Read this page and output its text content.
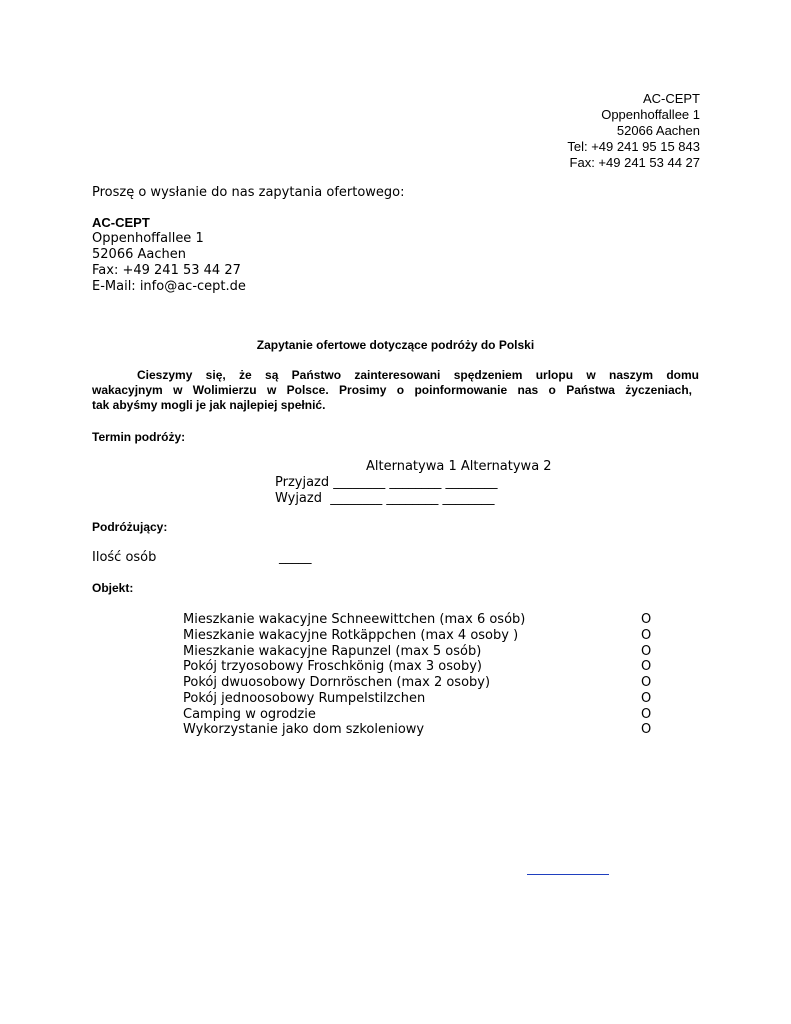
AC-CEPT
Oppenhoffallee 1
52066 Aachen
Tel: +49 241 95 15 843
Fax: +49 241 53 44 27
Proszę o wysłanie do nas zapytania ofertowego:
AC-CEPT
Oppenhoffallee 1
52066 Aachen
Fax: +49 241 53 44 27
E-Mail: info@ac-cept.de
Zapytanie ofertowe dotyczące podróży do Polski
Cieszymy się, że są Państwo zainteresowani spędzeniem urlopu w naszym domu
wakacyjnym w Wolimierzu w Polsce. Prosimy o poinformowanie nas o Państwa życzeniach,
tak abyśmy mogli je jak najlepiej spełnić.
Termin podróży:
Alternatywa 1 Alternatywa 2
Przyjazd ________ ________ ________
Wyjazd  ________ ________ ________
Podróżujący:
Ilość osób	_____
Objekt:
Mieszkanie wakacyjne Schneewittchen (max 6 osób)	O
Mieszkanie wakacyjne Rotkäppchen (max 4 osoby )	O
Mieszkanie wakacyjne Rapunzel (max 5 osób)	O
Pokój trzyosobowy Froschkönig (max 3 osoby)	O
Pokój dwuosobowy Dornröschen (max 2 osoby)	O
Pokój jednoosobowy Rumpelstilzchen	O
Camping w ogrodzie	O
Wykorzystanie jako dom szkoleniowy	O
